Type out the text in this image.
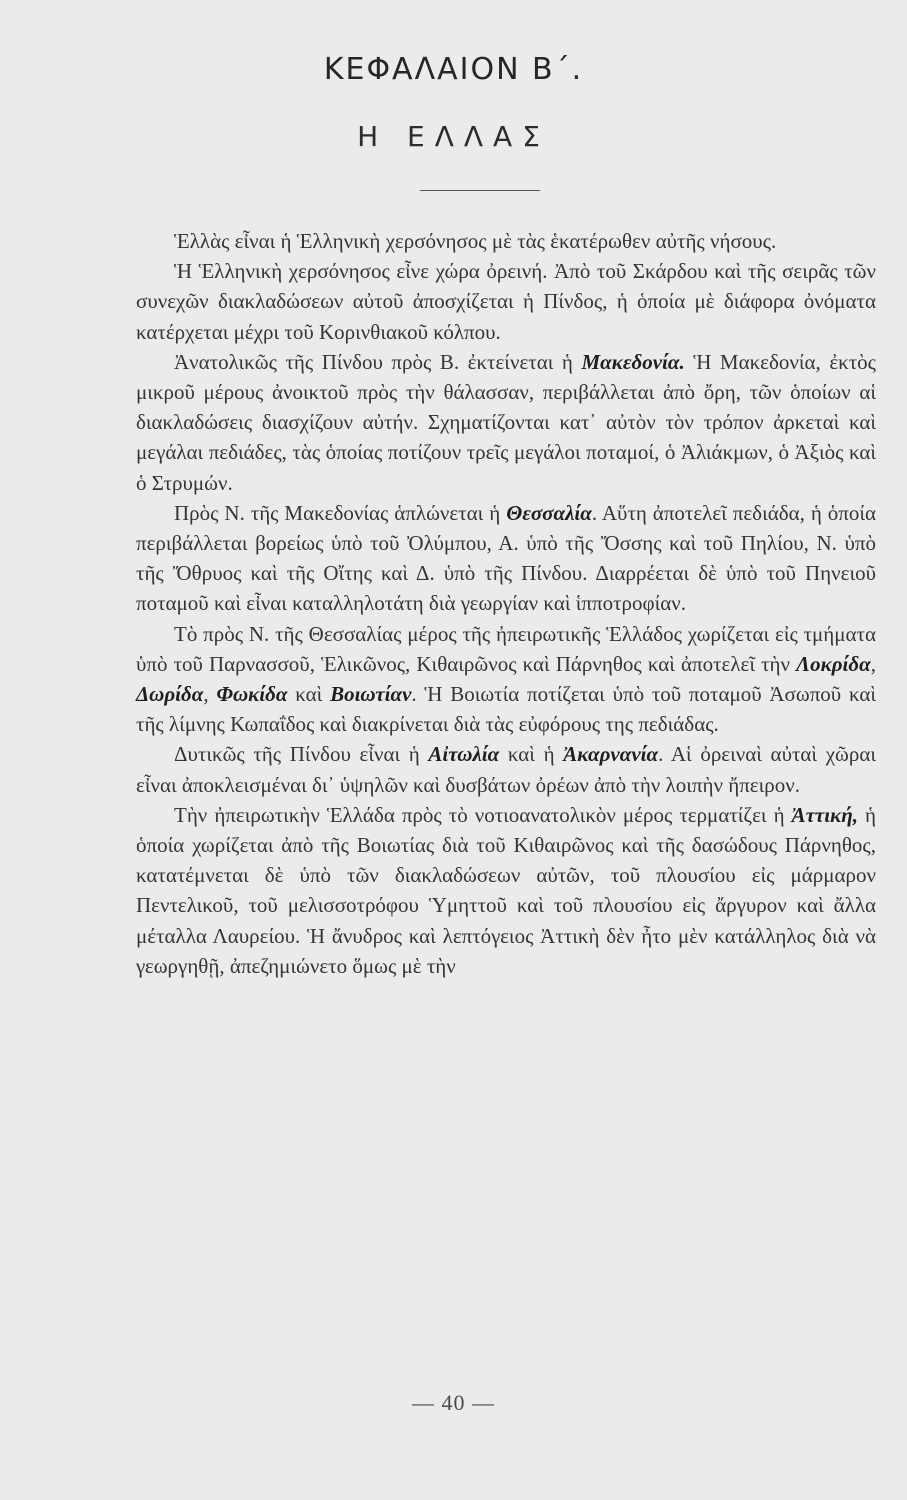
ΚΕΦΑΛΑΙΟΝ Β΄.
Η ΕΛΛΑΣ

Ἑλλὰς εἶναι ἡ Ἑλληνικὴ χερσόνησος μὲ τὰς ἑκατέρωθεν αὐτῆς νήσους.

Ἡ Ἑλληνικὴ χερσόνησος εἶνε χώρα ὀρεινή. Ἀπὸ τοῦ Σκάρδου καὶ τῆς σειρᾶς τῶν συνεχῶν διακλαδώσεων αὐτοῦ ἀποσχίζεται ἡ Πίνδος, ἡ ὁποία μὲ διάφορα ὀνόματα κατέρχεται μέχρι τοῦ Κορινθιακοῦ κόλπου.

Ἀνατολικῶς τῆς Πίνδου πρὸς Β. ἐκτείνεται ἡ Μακεδονία. Ἡ Μακεδονία, ἐκτὸς μικροῦ μέρους ἀνοικτοῦ πρὸς τὴν θάλασσαν, περιβάλλεται ἀπὸ ὄρη, τῶν ὁποίων αἱ διακλαδώσεις διασχίζουν αὐτήν. Σχηματίζονται κατ᾽ αὐτὸν τὸν τρόπον ἀρκεταὶ καὶ μεγάλαι πεδιάδες, τὰς ὁποίας ποτίζουν τρεῖς μεγάλοι ποταμοί, ὁ Ἀλιάκμων, ὁ Ἀξιὸς καὶ ὁ Στρυμών.

Πρὸς Ν. τῆς Μακεδονίας ἁπλώνεται ἡ Θεσσαλία. Αὕτη ἀποτελεῖ πεδιάδα, ἡ ὁποία περιβάλλεται βορείως ὑπὸ τοῦ Ὀλύμπου, Α. ὑπὸ τῆς Ὄσσης καὶ τοῦ Πηλίου, Ν. ὑπὸ τῆς Ὄθρυος καὶ τῆς Οἴτης καὶ Δ. ὑπὸ τῆς Πίνδου. Διαρρέεται δὲ ὑπὸ τοῦ Πηνειοῦ ποταμοῦ καὶ εἶναι καταλληλοτάτη διὰ γεωργίαν καὶ ἱπποτροφίαν.

Τὸ πρὸς Ν. τῆς Θεσσαλίας μέρος τῆς ἠπειρωτικῆς Ἑλλάδος χωρίζεται εἰς τμήματα ὑπὸ τοῦ Παρνασσοῦ, Ἑλικῶνος, Κιθαιρῶνος καὶ Πάρνηθος καὶ ἀποτελεῖ τὴν Λοκρίδα, Δωρίδα, Φωκίδα καὶ Βοιωτίαν. Ἡ Βοιωτία ποτίζεται ὑπὸ τοῦ ποταμοῦ Ἀσωποῦ καὶ τῆς λίμνης Κωπαΐδος καὶ διακρίνεται διὰ τὰς εὐφόρους της πεδιάδας.

Δυτικῶς τῆς Πίνδου εἶναι ἡ Αἰτωλία καὶ ἡ Ἀκαρνανία. Αἱ ὀρειναὶ αὐταὶ χῶραι εἶναι ἀποκλεισμέναι δι᾽ ὑψηλῶν καὶ δυσβάτων ὀρέων ἀπὸ τὴν λοιπὴν ἤπειρον.

Τὴν ἠπειρωτικὴν Ἑλλάδα πρὸς τὸ νοτιοανατολικὸν μέρος τερματίζει ἡ Ἀττική, ἡ ὁποία χωρίζεται ἀπὸ τῆς Βοιωτίας διὰ τοῦ Κιθαιρῶνος καὶ τῆς δασώδους Πάρνηθος, κατατέμνεται δὲ ὑπὸ τῶν διακλαδώσεων αὐτῶν, τοῦ πλουσίου εἰς μάρμαρον Πεντελικοῦ, τοῦ μελισσοτρόφου Ὑμηττοῦ καὶ τοῦ πλουσίου εἰς ἄργυρον καὶ ἄλλα μέταλλα Λαυρείου. Ἡ ἄνυδρος καὶ λεπτόγειος Ἀττικὴ δὲν ἦτο μὲν κατάλληλος διὰ νὰ γεωργηθῇ, ἀπεζημιώνετο ὅμως μὲ τὴν

— 40 —
